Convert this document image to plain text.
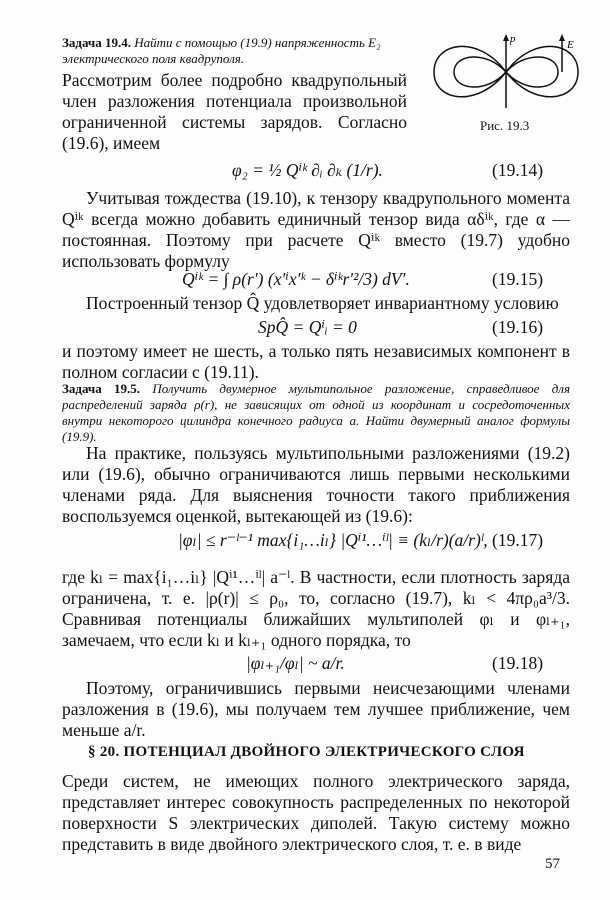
Задача 19.4. Найти с помощью (19.9) напряженность E₂ электрического поля квадруполя.
p	E
Рис. 19.3

Рассмотрим более подробно квадрупольный член разложения потенциала произвольной ограниченной системы зарядов. Согласно (19.6), имеем

φ₂ = ½ Qⁱᵏ ∂ᵢ ∂ₖ (1/r).	(19.14)

Учитывая тождества (19.10), к тензору квадрупольного момента Qⁱᵏ всегда можно добавить единичный тензор вида αδⁱᵏ, где α — постоянная. Поэтому при расчете Qⁱᵏ вместо (19.7) удобно использовать формулу

Qⁱᵏ = ∫ ρ(r′) (x′ⁱx′ᵏ − δⁱᵏr′²/3) dV′.	(19.15)

Построенный тензор Q̂ удовлетворяет инвариантному условию

SpQ̂ = Qⁱᵢ = 0	(19.16)

и поэтому имеет не шесть, а только пять независимых компонент в полном согласии с (19.11).

Задача 19.5. Получить двумерное мультипольное разложение, справедливое для распределений заряда ρ(r), не зависящих от одной из координат и сосредоточенных внутри некоторого цилиндра конечного радиуса a. Найти двумерный аналог формулы (19.9).

На практике, пользуясь мультипольными разложениями (19.2) или (19.6), обычно ограничиваются лишь первыми несколькими членами ряда. Для выяснения точности такого приближения воспользуемся оценкой, вытекающей из (19.6):

|φₗ| ≤ r⁻ˡ⁻¹ max{i₁…iₗ} |Qⁱ¹…ⁱˡ| ≡ (kₗ/r)(a/r)ˡ, (19.17)

где kₗ = max{i₁…iₗ} |Qⁱ¹…ⁱˡ| a⁻ˡ. В частности, если плотность заряда ограничена, т. е. |ρ(r)| ≤ ρ₀, то, согласно (19.7), kₗ < 4πρ₀a³/3. Сравнивая потенциалы ближайших мультиполей φₗ и φₗ₊₁, замечаем, что если kₗ и kₗ₊₁ одного порядка, то

|φₗ₊₁/φₗ| ~ a/r.	(19.18)

Поэтому, ограничившись первыми неисчезающими членами разложения в (19.6), мы получаем тем лучшее приближение, чем меньше a/r.

§ 20. ПОТЕНЦИАЛ ДВОЙНОГО ЭЛЕКТРИЧЕСКОГО СЛОЯ

Среди систем, не имеющих полного электрического заряда, представляет интерес совокупность распределенных по некоторой поверхности S электрических диполей. Такую систему можно представить в виде двойного электрического слоя, т. е. в виде

57
